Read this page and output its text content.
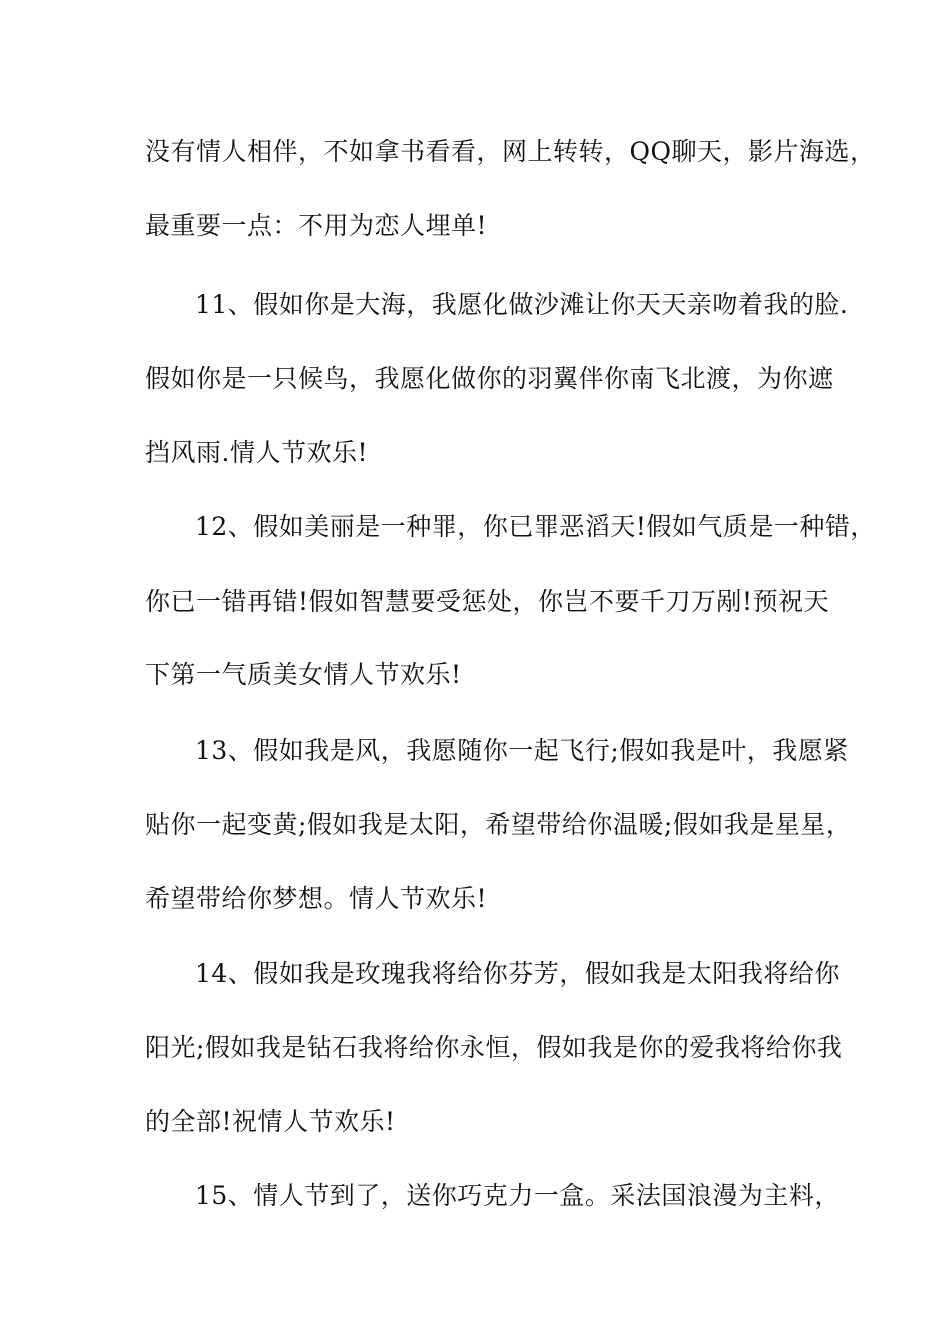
没有情人相伴，不如拿书看看，网上转转，QQ聊天，影片海选，
最重要一点：不用为恋人埋单!
11、假如你是大海，我愿化做沙滩让你天天亲吻着我的脸.
假如你是一只候鸟，我愿化做你的羽翼伴你南飞北渡，为你遮
挡风雨.情人节欢乐!
12、假如美丽是一种罪，你已罪恶滔天!假如气质是一种错，
你已一错再错!假如智慧要受惩处，你岂不要千刀万剐!预祝天
下第一气质美女情人节欢乐!
13、假如我是风，我愿随你一起飞行;假如我是叶，我愿紧
贴你一起变黄;假如我是太阳，希望带给你温暖;假如我是星星，
希望带给你梦想。情人节欢乐!
14、假如我是玫瑰我将给你芬芳，假如我是太阳我将给你
阳光;假如我是钻石我将给你永恒，假如我是你的爱我将给你我
的全部!祝情人节欢乐!
15、情人节到了，送你巧克力一盒。采法国浪漫为主料，
